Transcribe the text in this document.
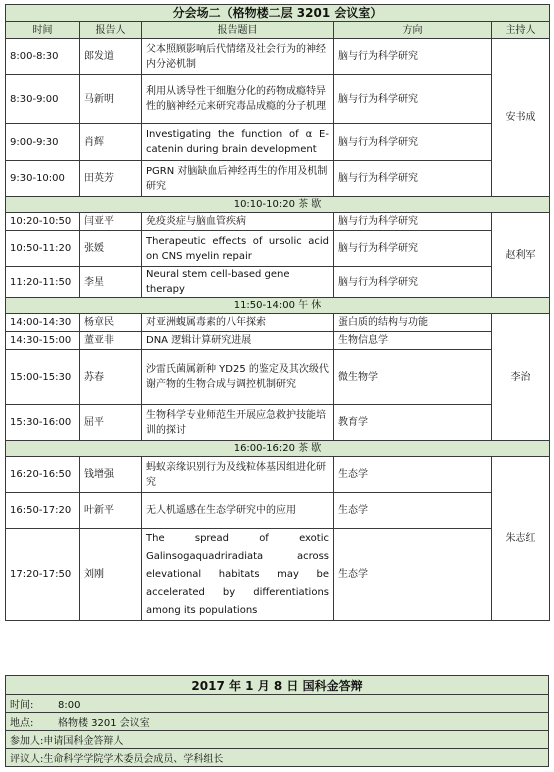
分会场二（格物楼二层 3201 会议室）				
时间	报告人	报告题目	方向	主持人
8:00-8:30	郎发道	父本照顾影响后代情绪及社会行为的神经内分泌机制	脑与行为科学研究	安书成
8:30-9:00	马新明	利用从诱导性干细胞分化的药物成瘾特异性的脑神经元来研究毒品成瘾的分子机理	脑与行为科学研究	
9:00-9:30	肖辉	Investigating the function of α E-catenin during brain development	脑与行为科学研究	
9:30-10:00	田英芳	PGRN 对脑缺血后神经再生的作用及机制研究	脑与行为科学研究	
10:10-10:20 茶 歇				
10:20-10:50	闫亚平	免疫炎症与脑血管疾病	脑与行为科学研究	赵利军
10:50-11:20	张媛	Therapeutic effects of ursolic acid on CNS myelin repair	脑与行为科学研究	
11:20-11:50	李星	Neural stem cell-based gene therapy	脑与行为科学研究	
11:50-14:00 午 休				
14:00-14:30	杨章民	对亚洲蝮属毒素的八年探索	蛋白质的结构与功能	李治
14:30-15:00	董亚非	DNA 逻辑计算研究进展	生物信息学	
15:00-15:30	苏春	沙雷氏菌属新种 YD25 的鉴定及其次级代谢产物的生物合成与调控机制研究	微生物学	
15:30-16:00	屈平	生物科学专业师范生开展应急救护技能培训的探讨	教育学	
16:00-16:20 茶 歇				
16:20-16:50	钱增强	蚂蚁亲缘识别行为及线粒体基因组进化研究	生态学	朱志红
16:50-17:20	叶新平	无人机遥感在生态学研究中的应用	生态学	
17:20-17:50	刘刚	The spread of exotic Galinsogaquadriradiata across elevational habitats may be accelerated by differentiations among its populations	生态学	
2017 年 1 月 8 日 国科金答辩
时间: 8:00
地点: 格物楼 3201 会议室
参加人:申请国科金答辩人
评议人:生命科学学院学术委员会成员、学科组长
